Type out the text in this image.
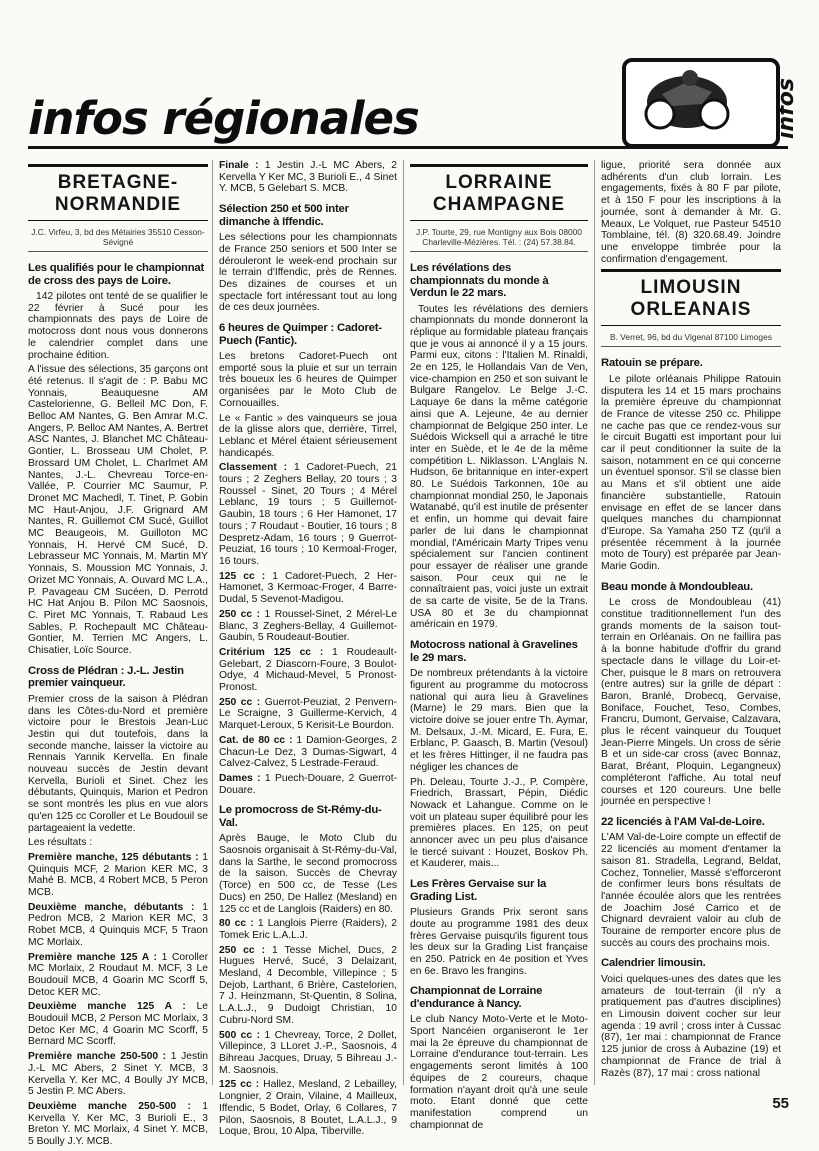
infos régionales	infos
BRETAGNE-NORMANDIE
J.C. Virfeu, 3, bd des Métairies 35510 Cesson-Sévigné
Les qualifiés pour le championnat de cross des pays de Loire.

142 pilotes ont tenté de se qualifier le 22 février à Sucé pour les championnats des pays de Loire de motocross dont nous vous donnerons le calendrier complet dans une prochaine édition.

A l'issue des sélections, 35 garçons ont été retenus. Il s'agit de : P. Babu MC Yonnais, Beauquesne AM Castelorienne, G. Belleil MC Don, F. Belloc AM Nantes, G. Ben Amrar M.C. Angers, P. Belloc AM Nantes, A. Bertret ASC Nantes, J. Blanchet MC Château-Gontier, L. Brosseau UM Cholet, P. Brossard UM Cholet, L. Charlmet AM Nantes, J.-L. Chevreau Torce-en-Vallée, P. Courrier MC Saumur, P. Dronet MC Machedl, T. Tinet, P. Gobin MC Haut-Anjou, J.F. Grignard AM Nantes, R. Guillemot CM Sucé, Guillot MC Beaugeois, M. Guilloton MC Yonnais, H. Hervé CM Sucé, D. Lebrasseur MC Yonnais, M. Martin MY Yonnais, S. Moussion MC Yonnais, J. Orizet MC Yonnais, A. Ouvard MC L.A., P. Pavageau CM Sucéen, D. Perrotd HC Hat Anjou B. Pilon MC Saosnois, C. Piret MC Yonnais, T. Rabaud Les Sables, P. Rochepault MC Château-Gontier, M. Terrien MC Angers, L. Chisatier, Loïc Source.

Cross de Plédran : J.-L. Jestin premier vainqueur.

Premier cross de la saison à Plédran dans les Côtes-du-Nord et première victoire pour le Brestois Jean-Luc Jestin qui dut toutefois, dans la seconde manche, laisser la victoire au Rennais Yannik Kervella. En finale nouveau succès de Jestin devant Kervella, Burioli et Sinet. Chez les débutants, Quinquis, Marion et Pedron se sont montrés les plus en vue alors qu'en 125 cc Coroller et Le Boudouil se partageaient la vedette.

Les résultats :

Première manche, 125 débutants : 1 Quinquis MCF, 2 Marion KER MC, 3 Mahé B. MCB, 4 Robert MCB, 5 Peron MCB.

Deuxième manche, débutants : 1 Pedron MCB, 2 Marion KER MC, 3 Robet MCB, 4 Quinquis MCF, 5 Traon MC Morlaix.

Première manche 125 A : 1 Coroller MC Morlaix, 2 Roudaut M. MCF, 3 Le Boudouil MCB, 4 Goarin MC Scorff 5, Detoc KER MC.

Deuxième manche 125 A : Le Boudouil MCB, 2 Person MC Morlaix, 3 Detoc Ker MC, 4 Goarin MC Scorff, 5 Bernard MC Scorff.

Première manche 250-500 : 1 Jestin J.-L MC Abers, 2 Sinet Y. MCB, 3 Kervella Y. Ker MC, 4 Boully JY MCB, 5 Jestin P. MC Abers.

Deuxième manche 250-500 : 1 Kervella Y. Ker MC, 3 Burioli E., 3 Breton Y. MC Morlaix, 4 Sinet Y. MCB, 5 Boully J.Y. MCB.

Finale : 1 Jestin J.-L MC Abers, 2 Kervella Y Ker MC, 3 Burioli E., 4 Sinet Y. MCB, 5 Gelebart S. MCB.

Sélection 250 et 500 inter dimanche à Iffendic.

Les sélections pour les championnats de France 250 seniors et 500 Inter se dérouleront le week-end prochain sur le terrain d'Iffendic, près de Rennes. Des dizaines de courses et un spectacle fort intéressant tout au long de ces deux journées.

6 heures de Quimper : Cadoret-Puech (Fantic).

Les bretons Cadoret-Puech ont emporté sous la pluie et sur un terrain très boueux les 6 heures de Quimper organisées par le Moto Club de Cornouailles.

Le « Fantic » des vainqueurs se joua de la glisse alors que, derrière, Tirrel, Leblanc et Mérel étaient sérieusement handicapés.

Classement : 1 Cadoret-Puech, 21 tours ; 2 Zeghers Bellay, 20 tours ; 3 Roussel - Sinet, 20 Tours ; 4 Mérel Leblanc, 19 tours ; 5 Guillemot-Gaubin, 18 tours ; 6 Her Hamonet, 17 tours ; 7 Roudaut - Boutier, 16 tours ; 8 Despretz-Adam, 16 tours ; 9 Guerrot-Peuziat, 16 tours ; 10 Kermoal-Froger, 16 tours.

125 cc : 1 Cadoret-Puech, 2 Her-Hamonet, 3 Kermoac-Froger, 4 Barre-Dudal, 5 Sevenot-Madigou.

250 cc : 1 Roussel-Sinet, 2 Mérel-Le Blanc, 3 Zeghers-Bellay, 4 Guillemot-Gaubin, 5 Roudeaut-Boutier.

Critérium 125 cc : 1 Roudeault-Gelebart, 2 Diascorn-Foure, 3 Boulot-Odye, 4 Michaud-Mevel, 5 Pronost-Pronost.

250 cc : Guerrot-Peuziat, 2 Penvern-Le Scraigne, 3 Guillerme-Kervich, 4 Marquet-Leroux, 5 Kerisit-Le Bourdon.

Cat. de 80 cc : 1 Damion-Georges, 2 Chacun-Le Dez, 3 Dumas-Sigwart, 4 Calvez-Calvez, 5 Lestrade-Feraud.

Dames : 1 Puech-Douare, 2 Guerrot-Douare.

Le promocross de St-Rémy-du-Val.

Après Bauge, le Moto Club du Saosnois organisait à St-Rémy-du-Val, dans la Sarthe, le second promocross de la saison. Succès de Chevray (Torce) en 500 cc, de Tesse (Les Ducs) en 250, De Hallez (Mesland) en 125 cc et de Langlois (Raiders) en 80.

80 cc : 1 Langlois Pierre (Raiders), 2 Tomek Eric L.A.L.J.

250 cc : 1 Tesse Michel, Ducs, 2 Hugues Hervé, Sucé, 3 Delaizant, Mesland, 4 Decomble, Villepince ; 5 Dejob, Larthant, 6 Brière, Castelorien, 7 J. Heinzmann, St-Quentin, 8 Solina, L.A.L.J., 9 Dudoigt Christian, 10 Cubru-Nord SM.

500 cc : 1 Chevreay, Torce, 2 Dollet, Villepince, 3 LLoret J.-P., Saosnois, 4 Bihreau Jacques, Druay, 5 Bihreau J.-M. Saosnois.

125 cc : Hallez, Mesland, 2 Lebailley, Longnier, 2 Orain, Vilaine, 4 Mailleux, Iffendic, 5 Bodet, Orlay, 6 Collares, 7 Pilon, Saosnois, 8 Boutet, L.A.L.J., 9 Loque, Brou, 10 Alpa, Tiberville.

LORRAINE
CHAMPAGNE
J.P. Tourte, 29, rue Montigny aux Bois 08000 Charleville-Mézières. Tél. : (24) 57.38.84.
Les révélations des championnats du monde à Verdun le 22 mars.

Toutes les révélations des derniers championnats du monde donneront la réplique au formidable plateau français que je vous ai annoncé il y a 15 jours. Parmi eux, citons : l'Italien M. Rinaldi, 2e en 125, le Hollandais Van de Ven, vice-champion en 250 et son suivant le Bulgare Rangelov. Le Belge J.-C. Laquaye 6e dans la même catégorie ainsi que A. Lejeune, 4e au dernier championnat de Belgique 250 inter. Le Suédois Wicksell qui a arraché le titre inter en Suède, et le 4e de la même compétition L. Niklasson. L'Anglais N. Hudson, 6e britannique en inter-expert 80. Le Suédois Tarkonnen, 10e au championnat mondial 250, le Japonais Watanabé, qu'il est inutile de présenter et enfin, un homme qui devait faire parler de lui dans le championnat mondial, l'Américain Marty Tripes venu spécialement sur l'ancien continent pour essayer de réaliser une grande saison. Pour ceux qui ne le connaîtraient pas, voici juste un extrait de sa carte de visite, 5e de la Trans. USA 80 et 3e du championnat américain en 1979.

Motocross national à Gravelines le 29 mars.

De nombreux prétendants à la victoire figurent au programme du motocross national qui aura lieu à Gravelines (Marne) le 29 mars. Bien que la victoire doive se jouer entre Th. Aymar, M. Delsaux, J.-M. Micard, E. Fura, E. Erblanc, P. Gaasch, B. Martin (Vesoul) et les frères Hittinger, il ne faudra pas négliger les chances de

Ph. Deleau, Tourte J.-J., P. Compère, Friedrich, Brassart, Pépin, Diédic Nowack et Lahangue. Comme on le voit un plateau super équilibré pour les premières places. En 125, on peut annoncer avec un peu plus d'aisance le tiercé suivant : Houzet, Boskov Ph. et Kauderer, mais...

Les Frères Gervaise sur la Grading List.

Plusieurs Grands Prix seront sans doute au programme 1981 des deux frères Gervaise puisqu'ils figurent tous les deux sur la Grading List française en 250. Patrick en 4e position et Yves en 6e. Bravo les frangins.

Championnat de Lorraine d'endurance à Nancy.

Le club Nancy Moto-Verte et le Moto-Sport Nancéien organiseront le 1er mai la 2e épreuve du championnat de Lorraine d'endurance tout-terrain. Les engagements seront limités à 100 équipes de 2 coureurs, chaque formation n'ayant droit qu'à une seule moto. Etant donné que cette manifestation comprend un championnat de

ligue, priorité sera donnée aux adhérents d'un club lorrain. Les engagements, fixés à 80 F par pilote, et à 150 F pour les inscriptions à la journée, sont à demander à Mr. G. Meaux, Le Volquet, rue Pasteur 54510 Tomblaine, tél. (8) 320.68.49. Joindre une enveloppe timbrée pour la confirmation d'engagement.

LIMOUSIN
ORLEANAIS
B. Verret, 96, bd du Vigenal 87100 Limoges
Ratouin se prépare.

Le pilote orléanais Philippe Ratouin disputera les 14 et 15 mars prochains la première épreuve du championnat de France de vitesse 250 cc. Philippe ne cache pas que ce rendez-vous sur le circuit Bugatti est important pour lui car il peut conditionner la suite de la saison, notamment en ce qui concerne un éventuel sponsor. S'il se classe bien au Mans et s'il obtient une aide financière substantielle, Ratouin envisage en effet de se lancer dans quelques manches du championnat d'Europe. Sa Yamaha 250 TZ (qu'il a présentée récemment à la journée moto de Toury) est préparée par Jean-Marie Godin.

Beau monde à Mondoubleau.

Le cross de Mondoubleau (41) constitue traditionnellement l'un des grands moments de la saison tout-terrain en Orléanais. On ne faillira pas à la bonne habitude d'offrir du grand spectacle dans le village du Loir-et-Cher, puisque le 8 mars on retrouvera (entre autres) sur la grille de départ : Baron, Branlé, Drobecq, Gervaise, Boniface, Fouchet, Teso, Combes, Francru, Dumont, Gervaise, Calzavara, plus le récent vainqueur du Touquet Jean-Pierre Mingels. Un cross de série B et un side-car cross (avec Bonnaz, Barat, Bréant, Ploquin, Legangneux) compléteront l'affiche. Au total neuf courses et 120 coureurs. Une belle journée en perspective !

22 licenciés à l'AM Val-de-Loire.

L'AM Val-de-Loire compte un effectif de 22 licenciés au moment d'entamer la saison 81. Stradella, Legrand, Beldat, Cochez, Tonnelier, Massé s'efforceront de confirmer leurs bons résultats de l'année écoulée alors que les rentrées de Joachim José Carrico et de Chignard devraient valoir au club de Touraine de remporter encore plus de succès au cours des prochains mois.

Calendrier limousin.

Voici quelques-unes des dates que les amateurs de tout-terrain (il n'y a pratiquement pas d'autres disciplines) en Limousin doivent cocher sur leur agenda : 19 avril ; cross inter à Cussac (87), 1er mai : championnat de France 125 junior de cross à Aubazine (19) et championnat de France de trial à Razès (87), 17 mai : cross national

55
